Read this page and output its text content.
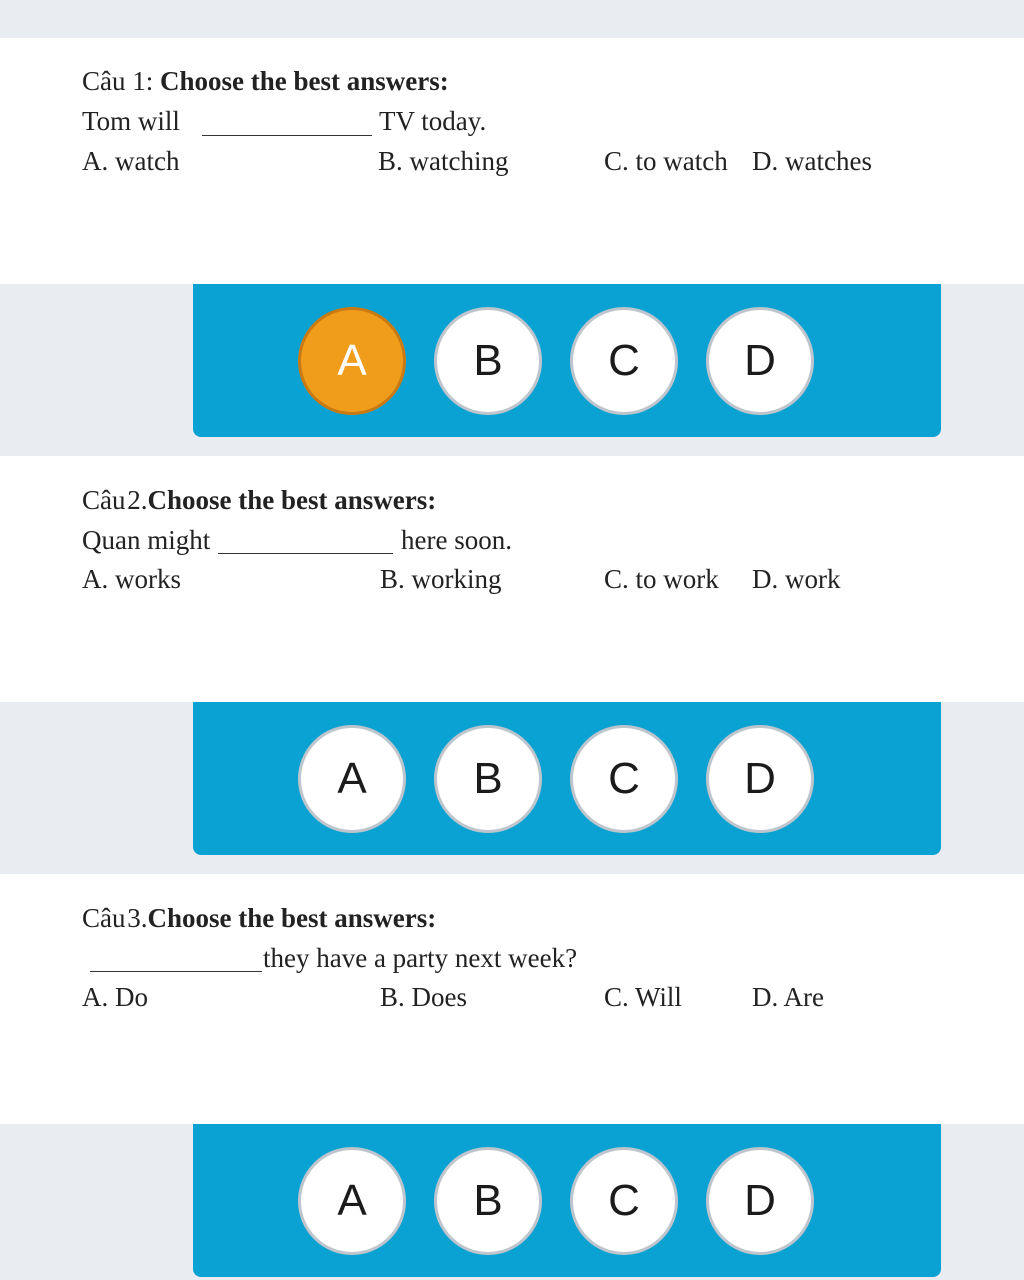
Câu 1: Choose the best answers:
Tom will	TV today.
A. watch	B. watching	C. to watch D. watches
A	B	C	D
Câu 2.Choose the best answers:
Quan might	here soon.
A. works	B. working	C. to work D. work
A	B	C	D
Câu 3.Choose the best answers:
they have a party next week?
A. Do	B. Does	C. Will	D. Are
A	B	C	D
